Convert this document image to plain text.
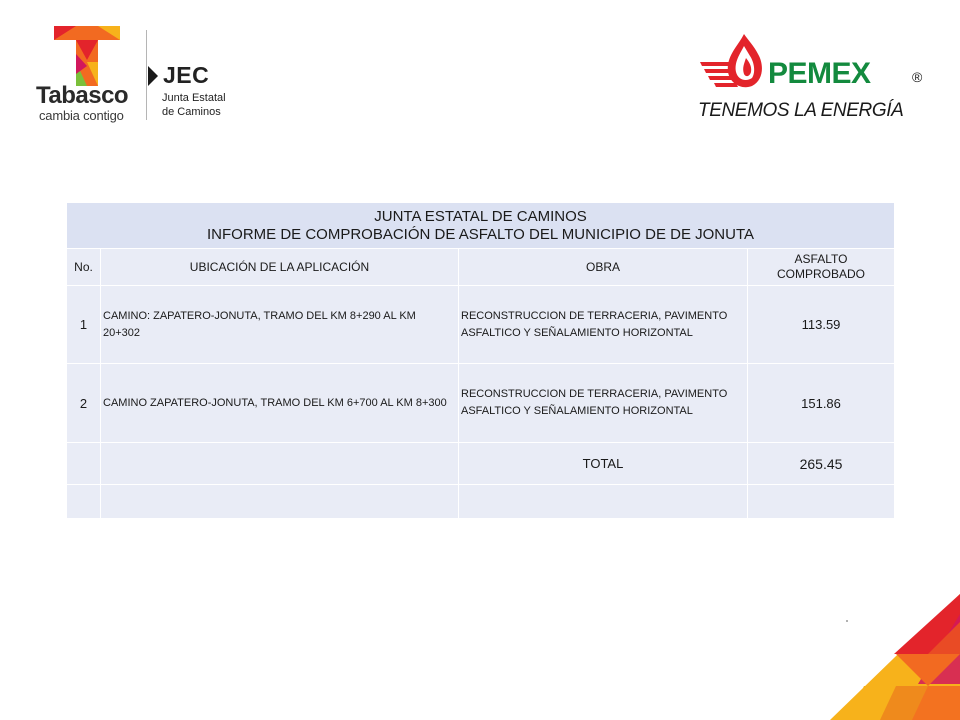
Tabasco
cambia contigo
JEC
Junta Estatal
de Caminos
PEMEX	®
TENEMOS LA ENERGÍA
JUNTA ESTATAL DE CAMINOS
INFORME DE COMPROBACIÓN DE ASFALTO DEL MUNICIPIO DE DE JONUTA			

No.	UBICACIÓN DE LA APLICACIÓN	OBRA	ASFALTO
COMPROBADO

1	CAMINO: ZAPATERO-JONUTA, TRAMO DEL KM 8+290 AL KM 20+302	RECONSTRUCCION DE TERRACERIA, PAVIMENTO ASFALTICO Y SEÑALAMIENTO HORIZONTAL	113.59
2	CAMINO ZAPATERO-JONUTA, TRAMO DEL KM 6+700 AL KM 8+300	RECONSTRUCCION DE TERRACERIA, PAVIMENTO ASFALTICO Y SEÑALAMIENTO HORIZONTAL	151.86
		TOTAL	265.45
